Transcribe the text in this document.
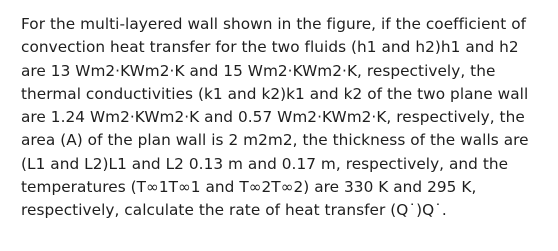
For the multi-layered wall shown in the figure, if the coefficient of convection heat transfer for the two fluids (h1 and h2)h1 and h2 are 13 Wm2·KWm2·K and 15 Wm2·KWm2·K, respectively, the thermal conductivities (k1 and k2)k1 and k2 of the two plane wall are 1.24 Wm2·KWm2·K and 0.57 Wm2·KWm2·K, respectively, the area (A) of the plan wall is 2 m2m2, the thickness of the walls are (L1 and L2)L1 and L2 0.13 m and 0.17 m, respectively, and the temperatures (T∞1T∞1 and T∞2T∞2) are 330 K and 295 K, respectively, calculate the rate of heat transfer (Q˙)Q˙.
